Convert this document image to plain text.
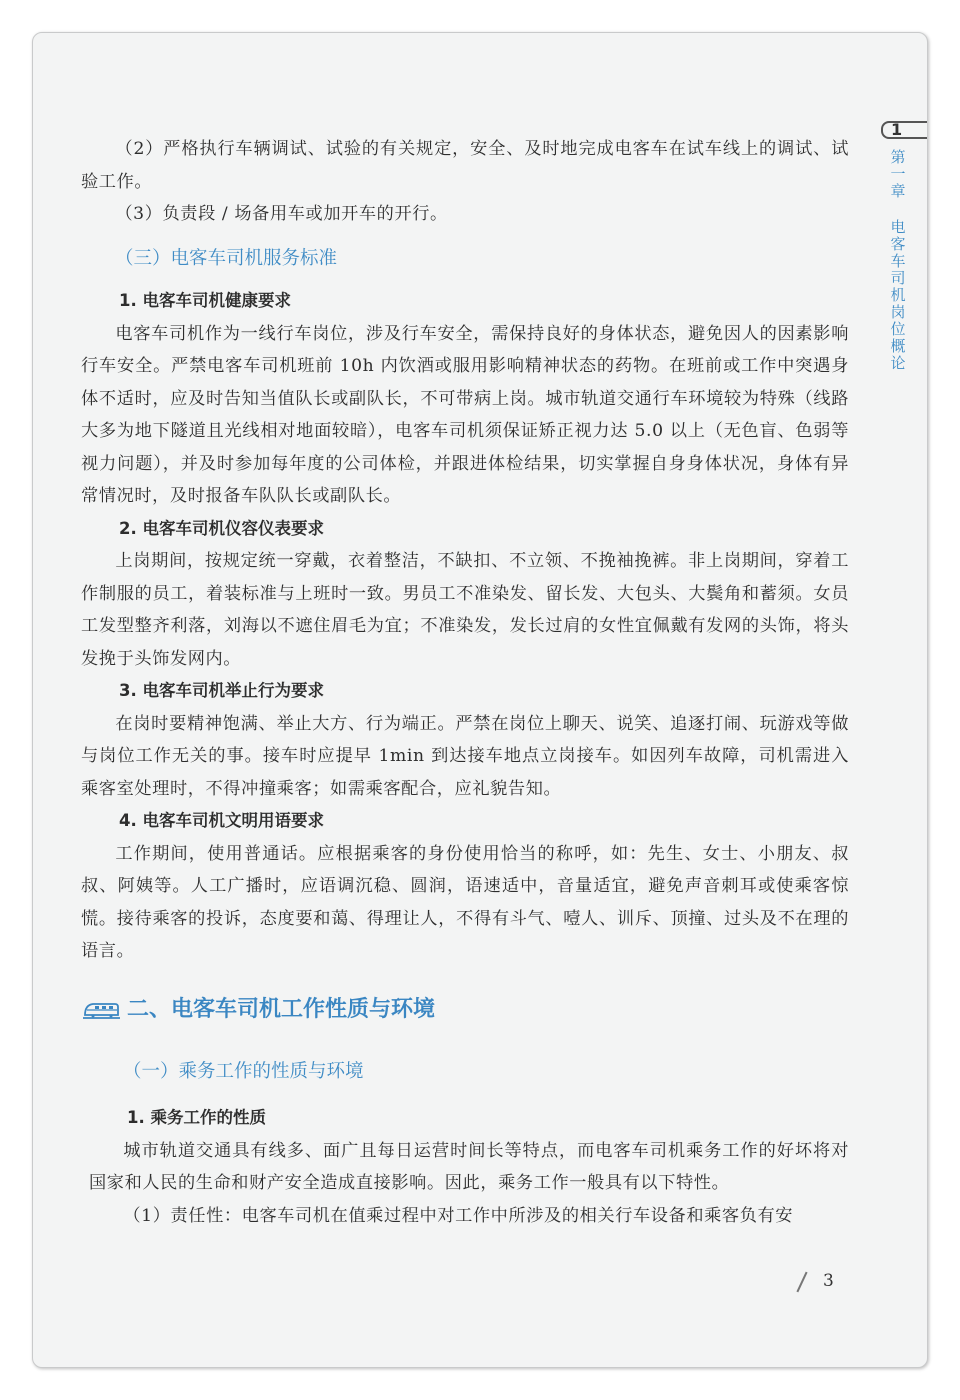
（2）严格执行车辆调试、试验的有关规定，安全、及时地完成电客车在试车线上的调试、试验工作。

（3）负责段 / 场备用车或加开车的开行。

（三）电客车司机服务标准

1. 电客车司机健康要求

电客车司机作为一线行车岗位，涉及行车安全，需保持良好的身体状态，避免因人的因素影响行车安全。严禁电客车司机班前 10h 内饮酒或服用影响精神状态的药物。在班前或工作中突遇身体不适时，应及时告知当值队长或副队长，不可带病上岗。城市轨道交通行车环境较为特殊（线路大多为地下隧道且光线相对地面较暗），电客车司机须保证矫正视力达 5.0 以上（无色盲、色弱等视力问题），并及时参加每年度的公司体检，并跟进体检结果，切实掌握自身身体状况，身体有异常情况时，及时报备车队队长或副队长。

2. 电客车司机仪容仪表要求

上岗期间，按规定统一穿戴，衣着整洁，不缺扣、不立领、不挽袖挽裤。非上岗期间，穿着工作制服的员工，着装标准与上班时一致。男员工不准染发、留长发、大包头、大鬓角和蓄须。女员工发型整齐利落，刘海以不遮住眉毛为宜；不准染发，发长过肩的女性宜佩戴有发网的头饰，将头发挽于头饰发网内。

3. 电客车司机举止行为要求

在岗时要精神饱满、举止大方、行为端正。严禁在岗位上聊天、说笑、追逐打闹、玩游戏等做与岗位工作无关的事。接车时应提早 1min 到达接车地点立岗接车。如因列车故障，司机需进入乘客室处理时，不得冲撞乘客；如需乘客配合，应礼貌告知。

4. 电客车司机文明用语要求

工作期间，使用普通话。应根据乘客的身份使用恰当的称呼，如：先生、女士、小朋友、叔叔、阿姨等。人工广播时，应语调沉稳、圆润，语速适中，音量适宜，避免声音刺耳或使乘客惊慌。接待乘客的投诉，态度要和蔼、得理让人，不得有斗气、噎人、训斥、顶撞、过头及不在理的语言。

二、电客车司机工作性质与环境

（一）乘务工作的性质与环境

1. 乘务工作的性质

城市轨道交通具有线多、面广且每日运营时间长等特点，而电客车司机乘务工作的好坏将对国家和人民的生命和财产安全造成直接影响。因此，乘务工作一般具有以下特性。

（1）责任性：电客车司机在值乘过程中对工作中所涉及的相关行车设备和乘客负有安

1
第一章
电客车司机岗位概论
3
